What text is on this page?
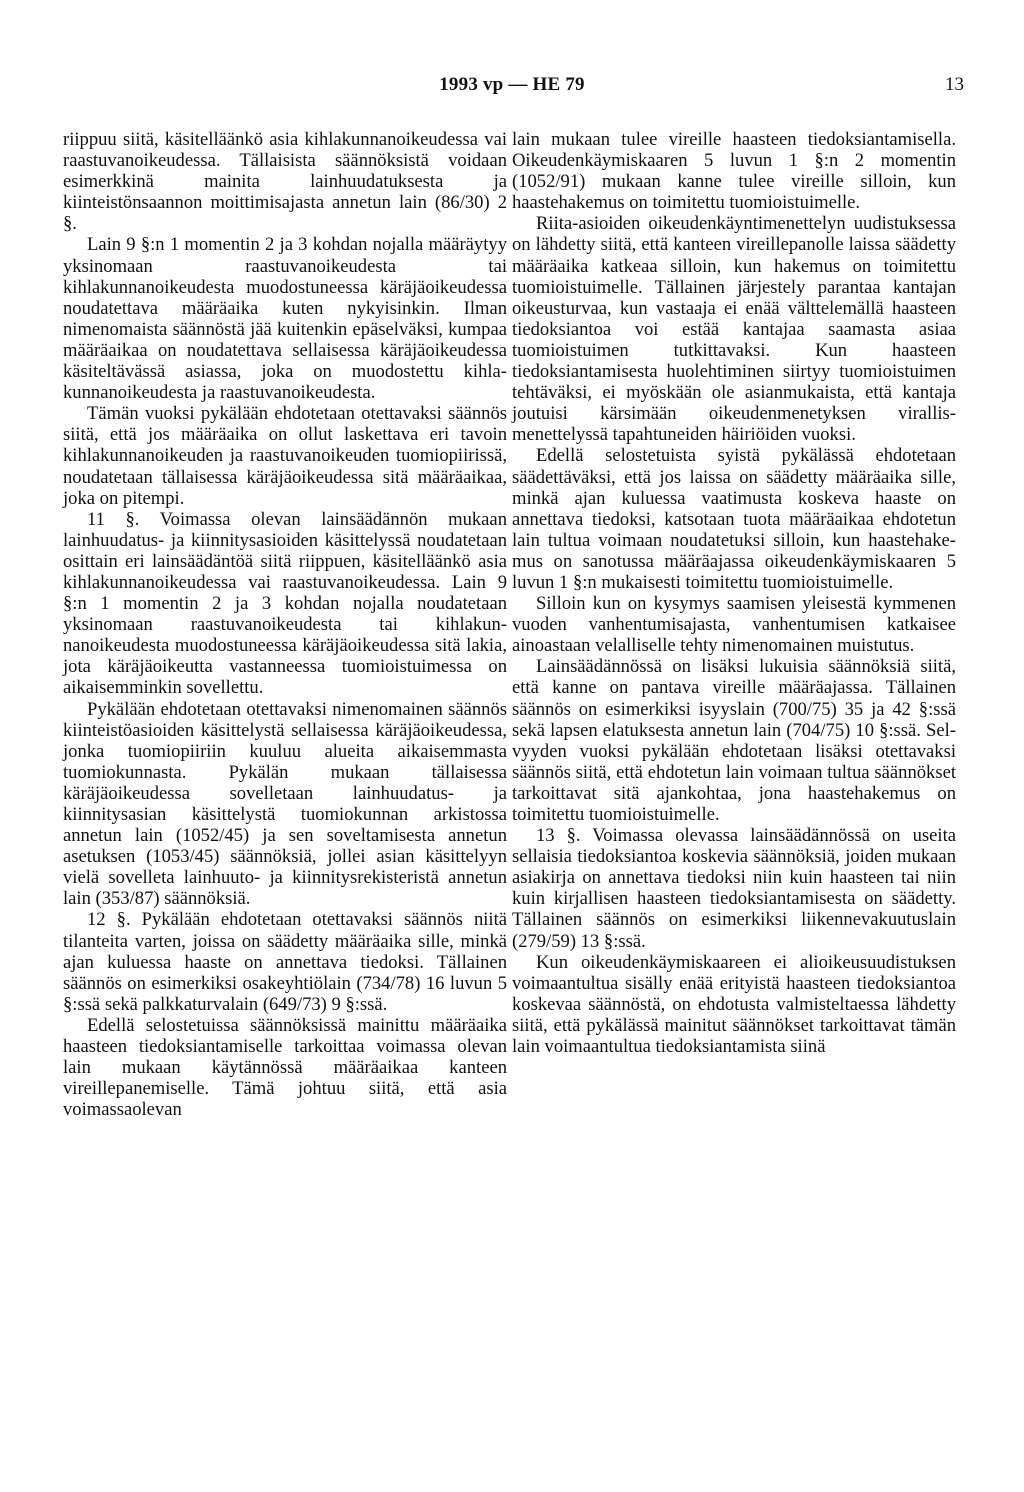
1993 vp — HE 79	13

riippuu siitä, käsitelläänkö asia kihlakunnanoikeudessa vai raastuvanoikeudessa. Tällaisista säännöksistä voidaan esimerkkinä mainita lainhuudatuksesta ja kiinteistönsaannon moittimisajasta annetun lain (86/30) 2 §.

Lain 9 §:n 1 momentin 2 ja 3 kohdan nojalla määräytyy yksinomaan raastuvanoikeudesta tai kihlakunnanoikeudesta muodostuneessa käräjäoikeudessa noudatettava määräaika kuten nykyisinkin. Ilman nimenomaista säännöstä jää kuitenkin epäselväksi, kumpaa määräaikaa on noudatettava sellaisessa käräjäoikeudessa käsiteltävässä asiassa, joka on muodostettu kihlakunnanoikeudesta ja raastuvanoikeudesta.

Tämän vuoksi pykälään ehdotetaan otettavaksi säännös siitä, että jos määräaika on ollut laskettava eri tavoin kihlakunnanoikeuden ja raastuvanoikeuden tuomiopiirissä, noudatetaan tällaisessa käräjäoikeudessa sitä määräaikaa, joka on pitempi.

11 §. Voimassa olevan lainsäädännön mukaan lainhuudatus- ja kiinnitysasioiden käsittelyssä noudatetaan osittain eri lainsäädäntöä siitä riippuen, käsitelläänkö asia kihlakunnanoikeudessa vai raastuvanoikeudessa. Lain 9 §:n 1 momentin 2 ja 3 kohdan nojalla noudatetaan yksinomaan raastuvanoikeudesta tai kihlakunnanoikeudesta muodostuneessa käräjäoikeudessa sitä lakia, jota käräjäoikeutta vastanneessa tuomioistuimessa on aikaisemminkin sovellettu.

Pykälään ehdotetaan otettavaksi nimenomainen säännös kiinteistöasioiden käsittelystä sellaisessa käräjäoikeudessa, jonka tuomiopiiriin kuuluu alueita aikaisemmasta tuomiokunnasta. Pykälän mukaan tällaisessa käräjäoikeudessa sovelletaan lainhuudatus- ja kiinnitysasian käsittelystä tuomiokunnan arkistossa annetun lain (1052/45) ja sen soveltamisesta annetun asetuksen (1053/45) säännöksiä, jollei asian käsittelyyn vielä sovelleta lainhuuto- ja kiinnitysrekisteristä annetun lain (353/87) säännöksiä.

12 §. Pykälään ehdotetaan otettavaksi säännös niitä tilanteita varten, joissa on säädetty määräaika sille, minkä ajan kuluessa haaste on annettava tiedoksi. Tällainen säännös on esimerkiksi osakeyhtiölain (734/78) 16 luvun 5 §:ssä sekä palkkaturvalain (649/73) 9 §:ssä.

Edellä selostetuissa säännöksissä mainittu määräaika haasteen tiedoksiantamiselle tarkoittaa voimassa olevan lain mukaan käytännössä määräaikaa kanteen vireillepanemiselle. Tämä johtuu siitä, että asia voimassaolevan

lain mukaan tulee vireille haasteen tiedoksiantamisella. Oikeudenkäymiskaaren 5 luvun 1 §:n 2 momentin (1052/91) mukaan kanne tulee vireille silloin, kun haastehakemus on toimitettu tuomioistuimelle.

Riita-asioiden oikeudenkäyntimenettelyn uudistuksessa on lähdetty siitä, että kanteen vireillepanolle laissa säädetty määräaika katkeaa silloin, kun hakemus on toimitettu tuomioistuimelle. Tällainen järjestely parantaa kantajan oikeusturvaa, kun vastaaja ei enää välttelemällä haasteen tiedoksiantoa voi estää kantajaa saamasta asiaa tuomioistuimen tutkittavaksi. Kun haasteen tiedoksiantamisesta huolehtiminen siirtyy tuomioistuimen tehtäväksi, ei myöskään ole asianmukaista, että kantaja joutuisi kärsimään oikeudenmenetyksen virallismenettelyssä tapahtuneiden häiriöiden vuoksi.

Edellä selostetuista syistä pykälässä ehdotetaan säädettäväksi, että jos laissa on säädetty määräaika sille, minkä ajan kuluessa vaatimusta koskeva haaste on annettava tiedoksi, katsotaan tuota määräaikaa ehdotetun lain tultua voimaan noudatetuksi silloin, kun haastehakemus on sanotussa määräajassa oikeudenkäymiskaaren 5 luvun 1 §:n mukaisesti toimitettu tuomioistuimelle.

Silloin kun on kysymys saamisen yleisestä kymmenen vuoden vanhentumisajasta, vanhentumisen katkaisee ainoastaan velalliselle tehty nimenomainen muistutus.

Lainsäädännössä on lisäksi lukuisia säännöksiä siitä, että kanne on pantava vireille määräajassa. Tällainen säännös on esimerkiksi isyyslain (700/75) 35 ja 42 §:ssä sekä lapsen elatuksesta annetun lain (704/75) 10 §:ssä. Selvyyden vuoksi pykälään ehdotetaan lisäksi otettavaksi säännös siitä, että ehdotetun lain voimaan tultua säännökset tarkoittavat sitä ajankohtaa, jona haastehakemus on toimitettu tuomioistuimelle.

13 §. Voimassa olevassa lainsäädännössä on useita sellaisia tiedoksiantoa koskevia säännöksiä, joiden mukaan asiakirja on annettava tiedoksi niin kuin haasteen tai niin kuin kirjallisen haasteen tiedoksiantamisesta on säädetty. Tällainen säännös on esimerkiksi liikennevakuutuslain (279/59) 13 §:ssä.

Kun oikeudenkäymiskaareen ei alioikeusuudistuksen voimaantultua sisälly enää erityistä haasteen tiedoksiantoa koskevaa säännöstä, on ehdotusta valmisteltaessa lähdetty siitä, että pykälässä mainitut säännökset tarkoittavat tämän lain voimaantultua tiedoksiantamista siinä
